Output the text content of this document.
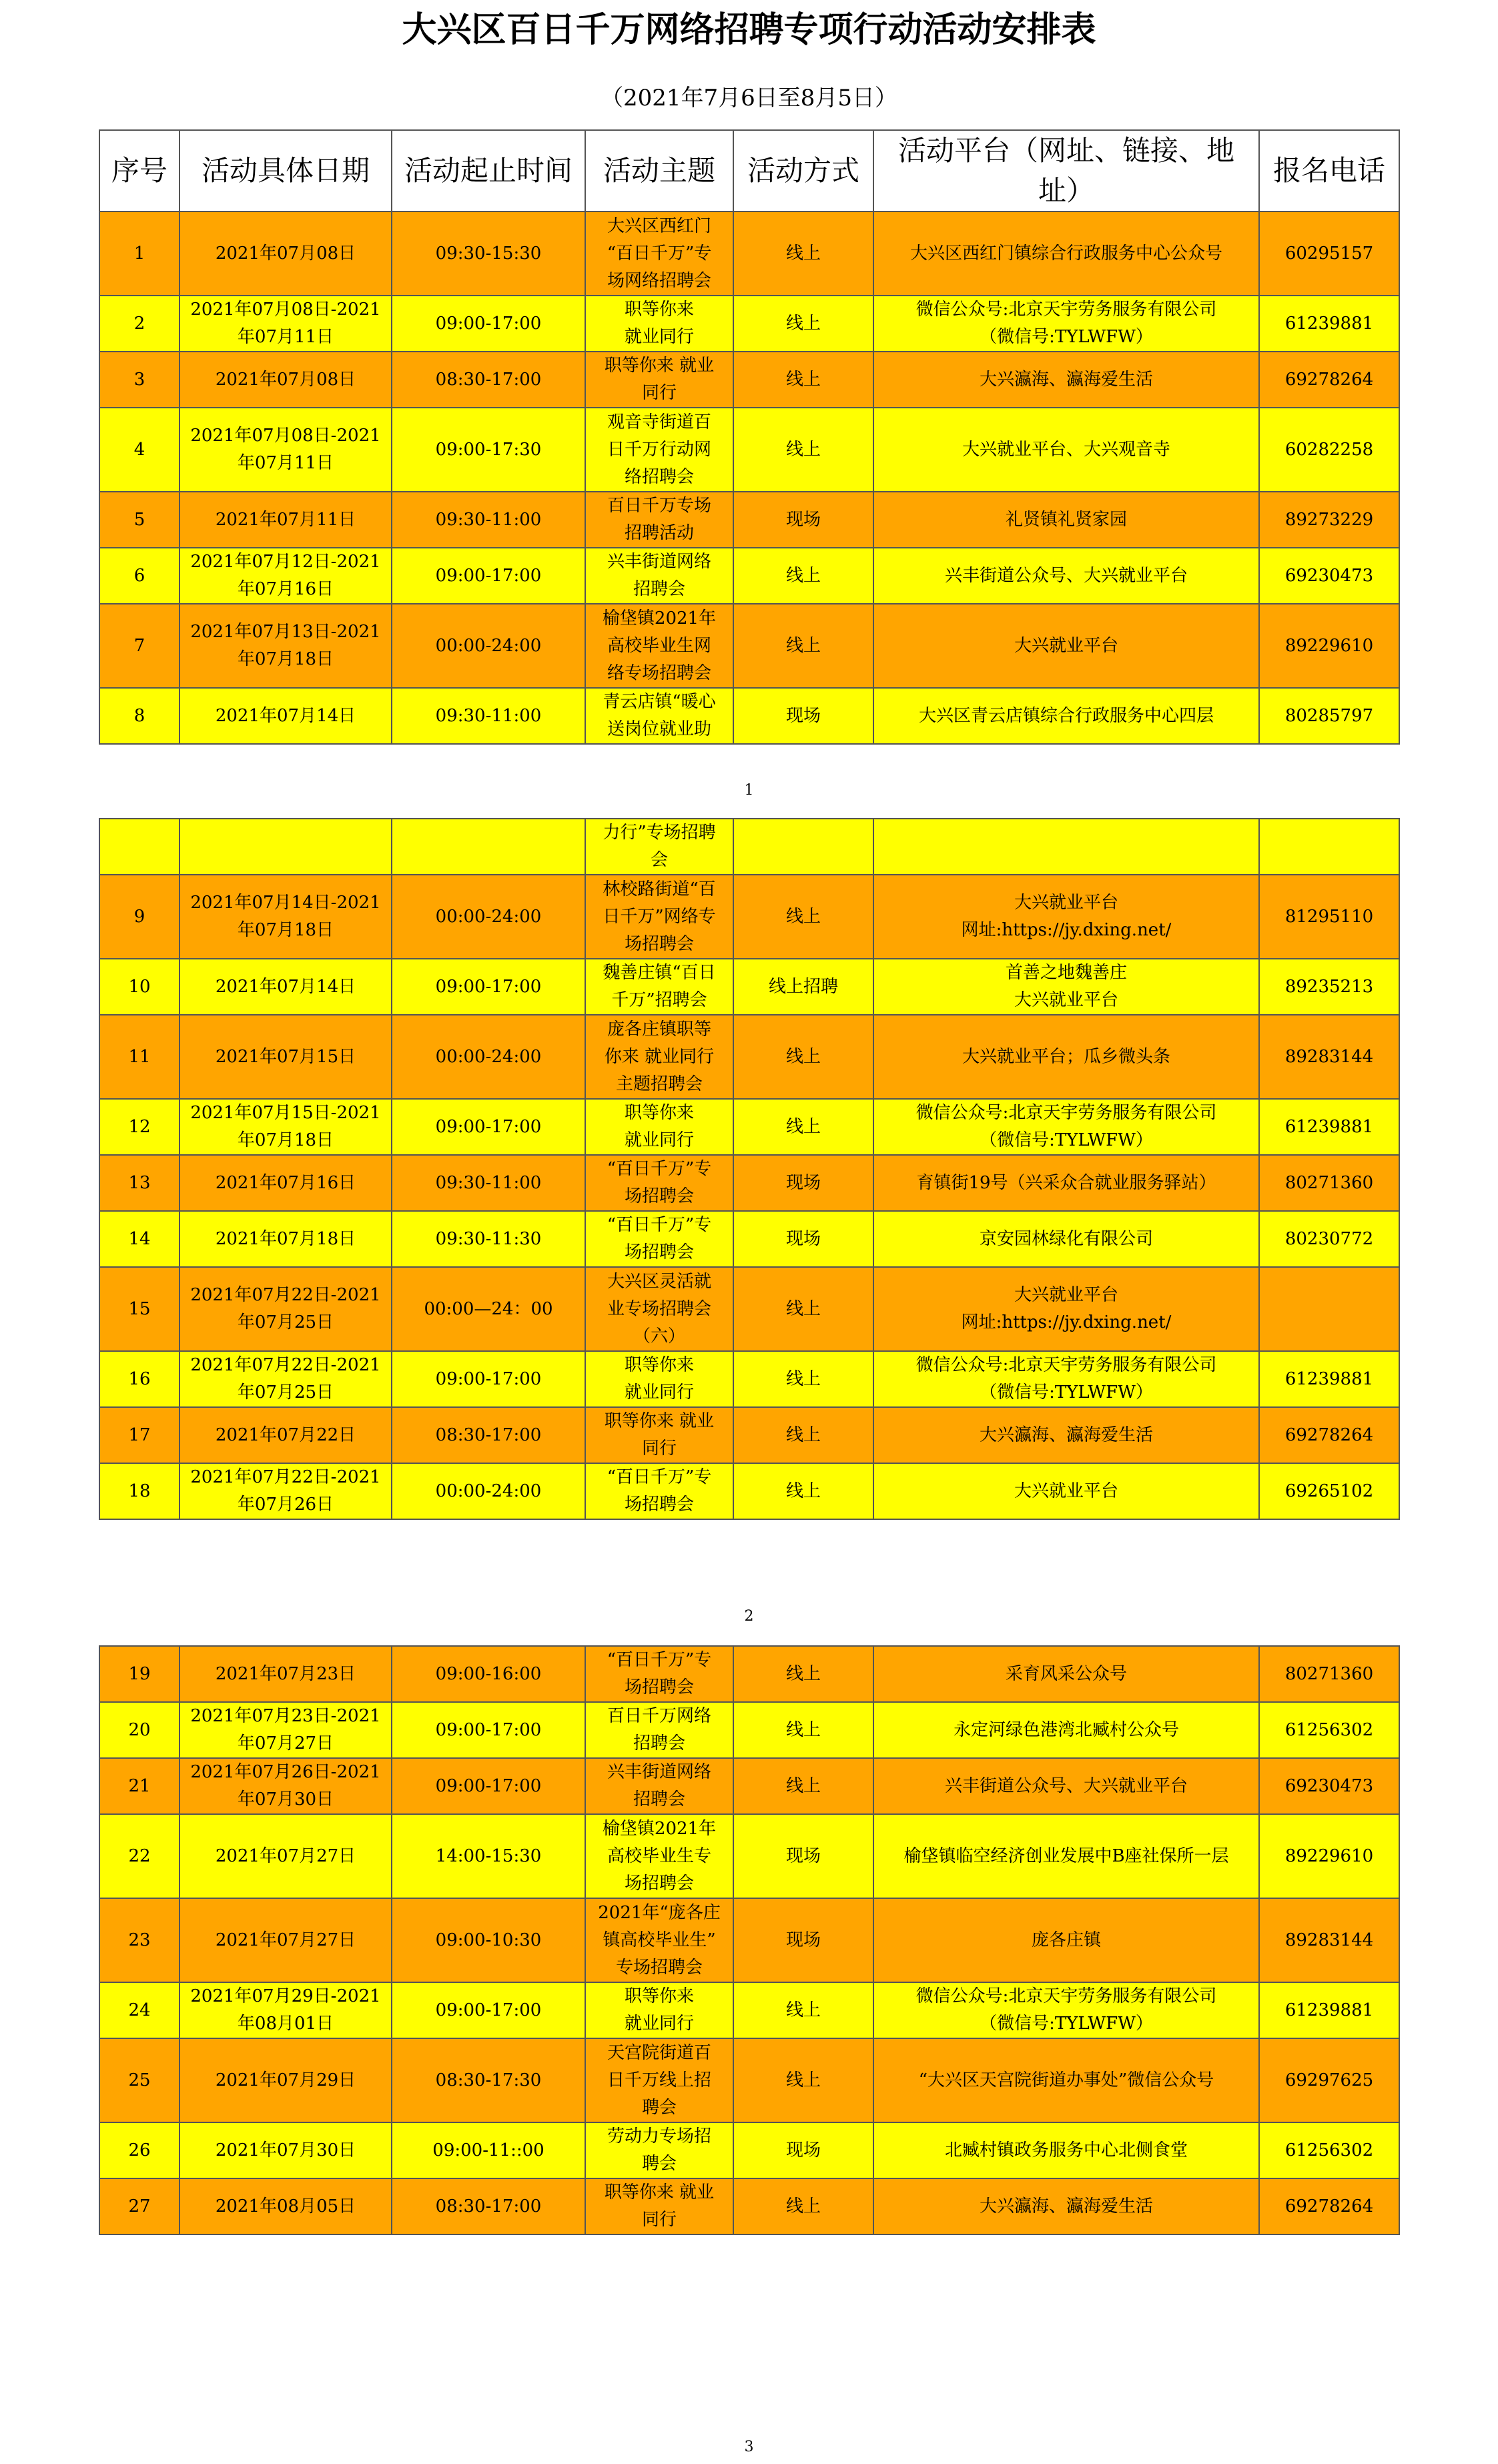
大兴区百日千万网络招聘专项行动活动安排表
（2021年7月6日至8月5日）
序号	活动具体日期	活动起止时间	活动主题	活动方式	活动平台（网址、链接、地址）	报名电话
1	2021年07月08日	09:30-15:30	大兴区西红门
“百日千万”专
场网络招聘会	线上	大兴区西红门镇综合行政服务中心公众号	60295157
2	2021年07月08日-2021
年07月11日	09:00-17:00	职等你来
就业同行	线上	微信公众号:北京天宇劳务服务有限公司
（微信号:TYLWFW）	61239881
3	2021年07月08日	08:30-17:00	职等你来 就业
同行	线上	大兴瀛海、瀛海爱生活	69278264
4	2021年07月08日-2021
年07月11日	09:00-17:30	观音寺街道百
日千万行动网
络招聘会	线上	大兴就业平台、大兴观音寺	60282258
5	2021年07月11日	09:30-11:00	百日千万专场
招聘活动	现场	礼贤镇礼贤家园	89273229
6	2021年07月12日-2021
年07月16日	09:00-17:00	兴丰街道网络
招聘会	线上	兴丰街道公众号、大兴就业平台	69230473
7	2021年07月13日-2021
年07月18日	00:00-24:00	榆垡镇2021年
高校毕业生网
络专场招聘会	线上	大兴就业平台	89229610
8	2021年07月14日	09:30-11:00	青云店镇“暖心
送岗位就业助	现场	大兴区青云店镇综合行政服务中心四层	80285797
1

			力行”专场招聘
会			

9	2021年07月14日-2021
年07月18日	00:00-24:00	林校路街道“百
日千万”网络专
场招聘会	线上	大兴就业平台
网址:https://jy.dxing.net/	81295110
10	2021年07月14日	09:00-17:00	魏善庄镇“百日
千万”招聘会	线上招聘	首善之地魏善庄
大兴就业平台	89235213
11	2021年07月15日	00:00-24:00	庞各庄镇职等
你来 就业同行
主题招聘会	线上	大兴就业平台；瓜乡微头条	89283144
12	2021年07月15日-2021
年07月18日	09:00-17:00	职等你来
就业同行	线上	微信公众号:北京天宇劳务服务有限公司
（微信号:TYLWFW）	61239881
13	2021年07月16日	09:30-11:00	“百日千万”专
场招聘会	现场	育镇街19号（兴采众合就业服务驿站）	80271360
14	2021年07月18日	09:30-11:30	“百日千万”专
场招聘会	现场	京安园林绿化有限公司	80230772
15	2021年07月22日-2021
年07月25日	00:00—24：00	大兴区灵活就
业专场招聘会
（六）	线上	大兴就业平台
网址:https://jy.dxing.net/	

16	2021年07月22日-2021
年07月25日	09:00-17:00	职等你来
就业同行	线上	微信公众号:北京天宇劳务服务有限公司
（微信号:TYLWFW）	61239881
17	2021年07月22日	08:30-17:00	职等你来 就业
同行	线上	大兴瀛海、瀛海爱生活	69278264
18	2021年07月22日-2021
年07月26日	00:00-24:00	“百日千万”专
场招聘会	线上	大兴就业平台	69265102
2
19	2021年07月23日	09:00-16:00	“百日千万”专
场招聘会	线上	采育风采公众号	80271360
20	2021年07月23日-2021
年07月27日	09:00-17:00	百日千万网络
招聘会	线上	永定河绿色港湾北臧村公众号	61256302
21	2021年07月26日-2021
年07月30日	09:00-17:00	兴丰街道网络
招聘会	线上	兴丰街道公众号、大兴就业平台	69230473
22	2021年07月27日	14:00-15:30	榆垡镇2021年
高校毕业生专
场招聘会	现场	榆垡镇临空经济创业发展中B座社保所一层	89229610
23	2021年07月27日	09:00-10:30	2021年“庞各庄
镇高校毕业生”
专场招聘会	现场	庞各庄镇	89283144
24	2021年07月29日-2021
年08月01日	09:00-17:00	职等你来
就业同行	线上	微信公众号:北京天宇劳务服务有限公司
（微信号:TYLWFW）	61239881
25	2021年07月29日	08:30-17:30	天宫院街道百
日千万线上招
聘会	线上	“大兴区天宫院街道办事处”微信公众号	69297625
26	2021年07月30日	09:00-11::00	劳动力专场招
聘会	现场	北臧村镇政务服务中心北侧食堂	61256302
27	2021年08月05日	08:30-17:00	职等你来 就业
同行	线上	大兴瀛海、瀛海爱生活	69278264
3
